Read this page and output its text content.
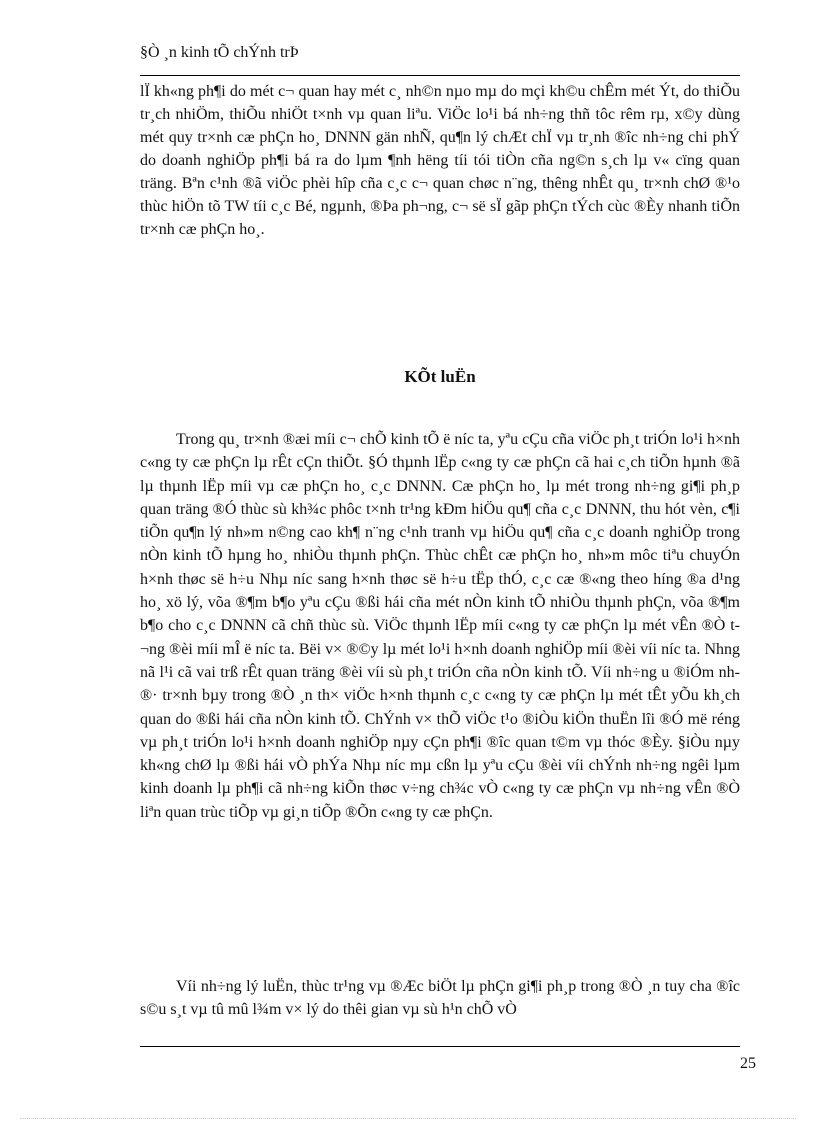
§Ò ¸n kinh tÕ chÝnh trÞ

lÏ kh«ng ph¶i do mét c¬ quan hay mét c¸ nh©n nµo mµ do mçi kh©u chÊm mét Ýt, do thiÕu tr¸ch nhiÖm, thiÕu nhiÖt t×nh vµ quan liªu. ViÖc lo¹i bá nh÷ng thñ tôc rêm rµ, x©y dùng mét quy tr×nh cæ phÇn ho¸ DNNN gän nhÑ, qu¶n lý chÆt chÏ vµ tr¸nh ®îc nh÷ng chi phÝ do doanh nghiÖp ph¶i bá ra do lµm ¶nh hëng tíi tói tiÒn cña ng©n s¸ch lµ v« cïng quan träng. Bªn c¹nh ®ã viÖc phèi hîp cña c¸c c¬ quan chøc n¨ng, thêng nhÊt qu¸ tr×nh chØ ®¹o thùc hiÖn tõ TW tíi c¸c Bé, ngµnh, ®Þa ph¬ng, c¬ së sÏ gãp phÇn tÝch cùc ®Èy nhanh tiÕn tr×nh cæ phÇn ho¸.

KÕt luËn

Trong qu¸ tr×nh ®æi míi c¬ chÕ kinh tÕ ë níc ta, yªu cÇu cña viÖc ph¸t triÓn lo¹i h×nh c«ng ty cæ phÇn lµ rÊt cÇn thiÕt. §Ó thµnh lËp c«ng ty cæ phÇn cã hai c¸ch tiÕn hµnh ®ã lµ thµnh lËp míi vµ cæ phÇn ho¸ c¸c DNNN. Cæ phÇn ho¸ lµ mét trong nh÷ng gi¶i ph¸p quan träng ®Ó thùc sù kh¾c phôc t×nh tr¹ng kÐm hiÖu qu¶ cña c¸c DNNN, thu hót vèn, c¶i tiÕn qu¶n lý nh»m n©ng cao kh¶ n¨ng c¹nh tranh vµ hiÖu qu¶ cña c¸c doanh nghiÖp trong nÒn kinh tÕ hµng ho¸ nhiÒu thµnh phÇn. Thùc chÊt cæ phÇn ho¸ nh»m môc tiªu chuyÓn h×nh thøc së h÷u Nhµ níc sang h×nh thøc së h÷u tËp thÓ, c¸c cæ ®«ng theo híng ®a d¹ng ho¸ xö lý, võa ®¶m b¶o yªu cÇu ®ßi hái cña mét nÒn kinh tÕ nhiÒu thµnh phÇn, võa ®¶m b¶o cho c¸c DNNN cã chñ thùc sù. ViÖc thµnh lËp míi c«ng ty cæ phÇn lµ mét vÊn ®Ò t¬ng ®èi míi mÎ ë níc ta. Bëi v× ®©y lµ mét lo¹i h×nh doanh nghiÖp míi ®èi víi níc ta. Nhng nã l¹i cã vai trß rÊt quan träng ®èi víi sù ph¸t triÓn cña nÒn kinh tÕ. Víi nh÷ng u ®iÓm nh ®· tr×nh bµy trong ®Ò ¸n th× viÖc h×nh thµnh c¸c c«ng ty cæ phÇn lµ mét tÊt yÕu kh¸ch quan do ®ßi hái cña nÒn kinh tÕ. ChÝnh v× thÕ viÖc t¹o ®iÒu kiÖn thuËn lîi ®Ó më réng vµ ph¸t triÓn lo¹i h×nh doanh nghiÖp nµy cÇn ph¶i ®îc quan t©m vµ thóc ®Èy. §iÒu nµy kh«ng chØ lµ ®ßi hái vÒ phÝa Nhµ níc mµ cßn lµ yªu cÇu ®èi víi chÝnh nh÷ng ngêi lµm kinh doanh lµ ph¶i cã nh÷ng kiÕn thøc v÷ng ch¾c vÒ c«ng ty cæ phÇn vµ nh÷ng vÊn ®Ò liªn quan trùc tiÕp vµ gi¸n tiÕp ®Õn c«ng ty cæ phÇn.

Víi nh÷ng lý luËn, thùc tr¹ng vµ ®Æc biÖt lµ phÇn gi¶i ph¸p trong ®Ò ¸n tuy cha ®îc s©u s¸t vµ tû mû l¾m v× lý do thêi gian vµ sù h¹n chÕ vÒ

25
